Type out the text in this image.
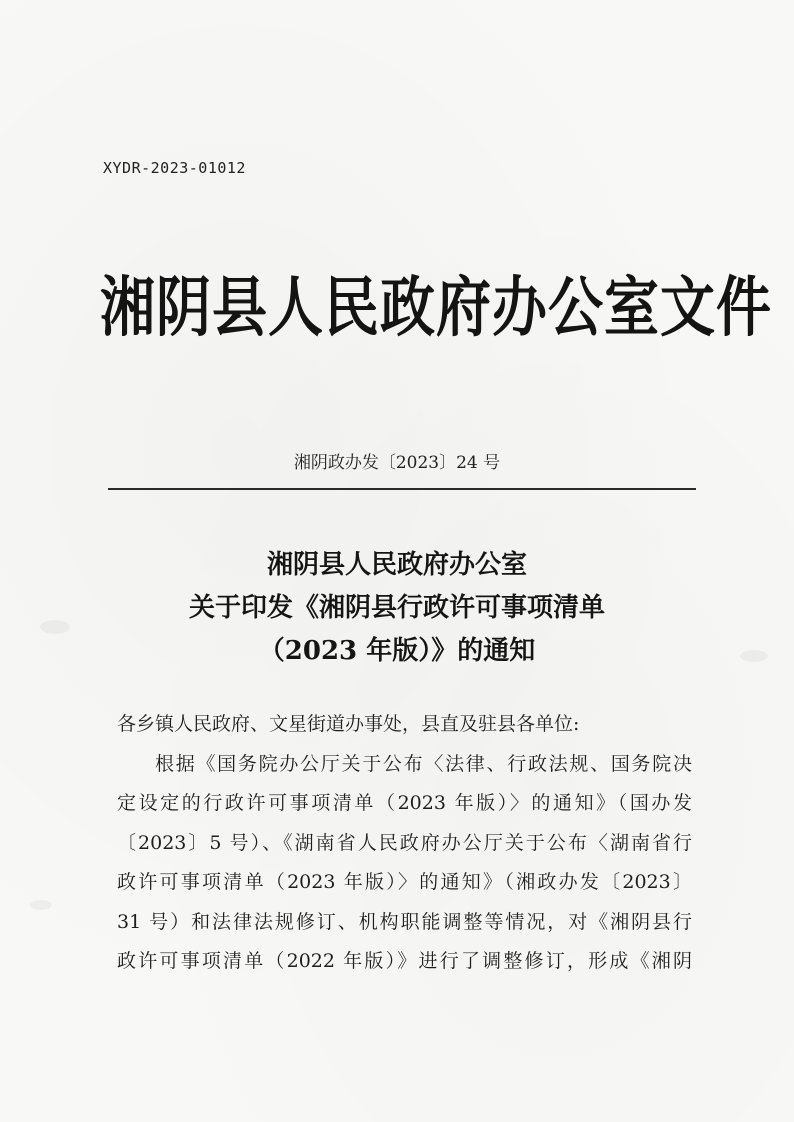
XYDR-2023-01012
湘阴县人民政府办公室文件
湘阴政办发〔2023〕24 号
湘阴县人民政府办公室
关于印发《湘阴县行政许可事项清单
（2023 年版）》的通知
各乡镇人民政府、文星街道办事处，县直及驻县各单位:
根据《国务院办公厅关于公布〈法律、行政法规、国务院决
定设定的行政许可事项清单（2023 年版）〉的通知》（国办发
〔2023〕5 号）、《湖南省人民政府办公厅关于公布〈湖南省行
政许可事项清单（2023 年版）〉的通知》（湘政办发〔2023〕
31 号）和法律法规修订、机构职能调整等情况，对《湘阴县行
政许可事项清单（2022 年版）》进行了调整修订，形成《湘阴
